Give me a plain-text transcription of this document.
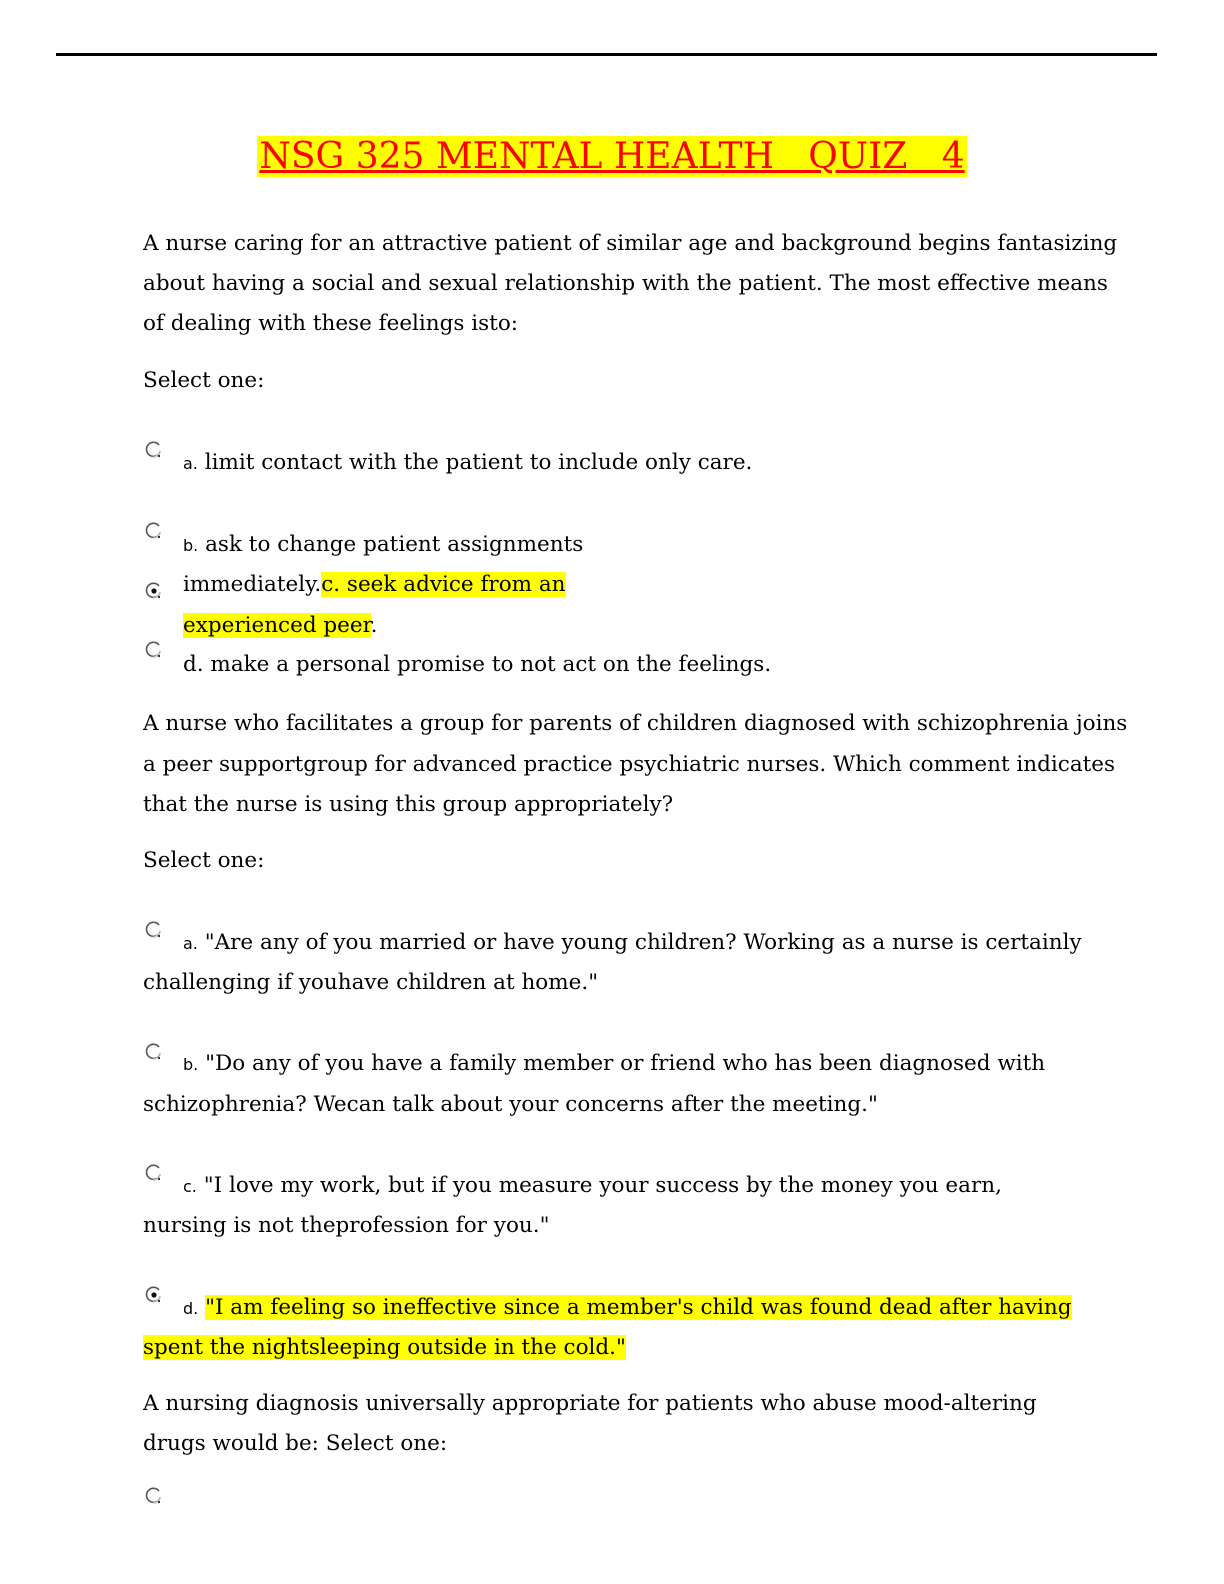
NSG 325 MENTAL HEALTH   QUIZ   4
A nurse caring for an attractive patient of similar age and background begins fantasizing
about having a social and sexual relationship with the patient. The most effective means
of dealing with these feelings isto:
Select one:
a. limit contact with the patient to include only care.
b. ask to change patient assignments
immediately.c. seek advice from an
experienced peer.
d. make a personal promise to not act on the feelings.
A nurse who facilitates a group for parents of children diagnosed with schizophrenia joins
a peer supportgroup for advanced practice psychiatric nurses. Which comment indicates
that the nurse is using this group appropriately?
Select one:
a. "Are any of you married or have young children? Working as a nurse is certainly
challenging if youhave children at home."
b. "Do any of you have a family member or friend who has been diagnosed with
schizophrenia? Wecan talk about your concerns after the meeting."
c. "I love my work, but if you measure your success by the money you earn,
nursing is not theprofession for you."
d. "I am feeling so ineffective since a member's child was found dead after having
spent the nightsleeping outside in the cold."
A nursing diagnosis universally appropriate for patients who abuse mood-altering
drugs would be: Select one:
